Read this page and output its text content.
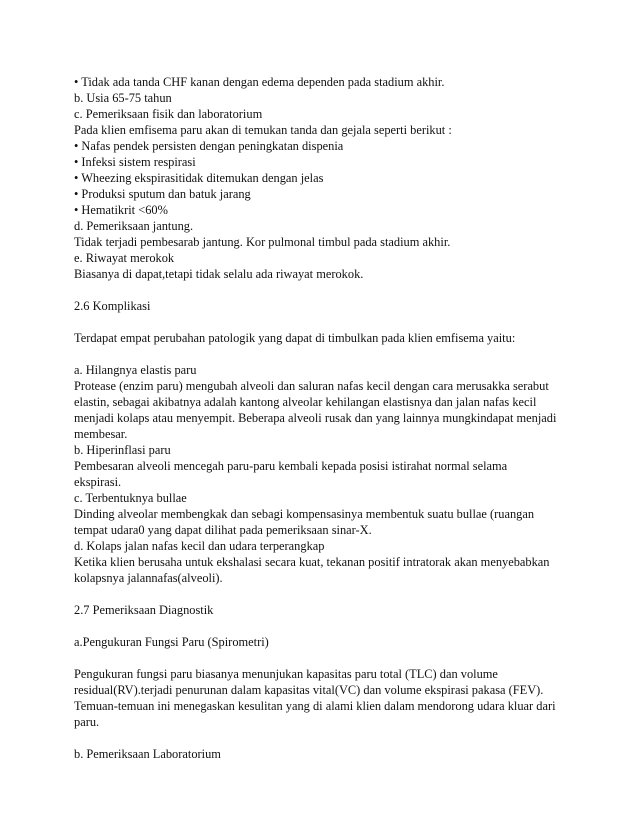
• Tidak ada tanda CHF kanan dengan edema dependen pada stadium akhir.
b. Usia 65-75 tahun
c. Pemeriksaan fisik dan laboratorium
Pada klien emfisema paru akan di temukan tanda dan gejala seperti berikut :
• Nafas pendek persisten dengan peningkatan dispenia
• Infeksi sistem respirasi
• Wheezing ekspirasitidak ditemukan dengan jelas
• Produksi sputum dan batuk jarang
• Hematikrit <60%
d. Pemeriksaan jantung.
Tidak terjadi pembesarab jantung. Kor pulmonal timbul pada stadium akhir.
e. Riwayat merokok
Biasanya di dapat,tetapi tidak selalu ada riwayat merokok.
2.6 Komplikasi
Terdapat empat perubahan patologik yang dapat di timbulkan pada klien emfisema yaitu:
a. Hilangnya elastis paru
Protease (enzim paru) mengubah alveoli dan saluran nafas kecil dengan cara merusakka serabut
elastin, sebagai akibatnya adalah kantong alveolar kehilangan elastisnya dan jalan nafas kecil
menjadi kolaps atau menyempit. Beberapa alveoli rusak dan yang lainnya mungkindapat menjadi
membesar.
b. Hiperinflasi paru
Pembesaran alveoli mencegah paru-paru kembali kepada posisi istirahat normal selama
ekspirasi.
c. Terbentuknya bullae
Dinding alveolar membengkak dan sebagi kompensasinya membentuk suatu bullae (ruangan
tempat udara0 yang dapat dilihat pada pemeriksaan sinar-X.
d. Kolaps jalan nafas kecil dan udara terperangkap
Ketika klien berusaha untuk ekshalasi secara kuat, tekanan positif intratorak akan menyebabkan
kolapsnya jalannafas(alveoli).
2.7 Pemeriksaan Diagnostik
a.Pengukuran Fungsi Paru (Spirometri)
Pengukuran fungsi paru biasanya menunjukan kapasitas paru total (TLC) dan volume
residual(RV).terjadi penurunan dalam kapasitas vital(VC) dan volume ekspirasi pakasa (FEV).
Temuan-temuan ini menegaskan kesulitan yang di alami klien dalam mendorong udara kluar dari
paru.
b. Pemeriksaan Laboratorium
